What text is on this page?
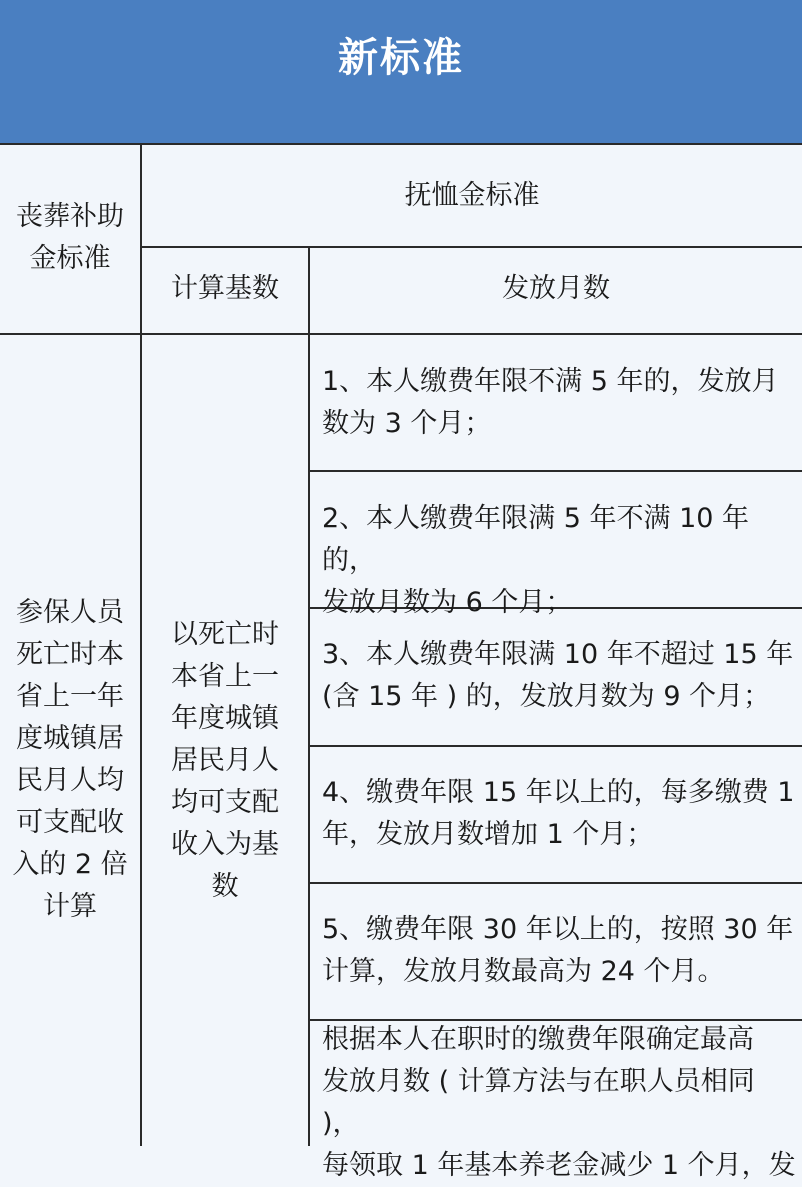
新标准
丧葬补助
金标准
抚恤金标准
计算基数	发放月数
参保人员
死亡时本
省上一年
度城镇居
民月人均
可支配收
入的 2 倍
计算
以死亡时
本省上一
年度城镇
居民月人
均可支配
收入为基
数
1、本人缴费年限不满 5 年的，发放月
数为 3 个月；
2、本人缴费年限满 5 年不满 10 年的，
发放月数为 6 个月；
3、本人缴费年限满 10 年不超过 15 年
(含 15 年 ) 的，发放月数为 9 个月；
4、缴费年限 15 年以上的，每多缴费 1
年，发放月数增加 1 个月；
5、缴费年限 30 年以上的，按照 30 年
计算，发放月数最高为 24 个月。
根据本人在职时的缴费年限确定最高
发放月数 ( 计算方法与在职人员相同 )，
每领取 1 年基本养老金减少 1 个月，发
